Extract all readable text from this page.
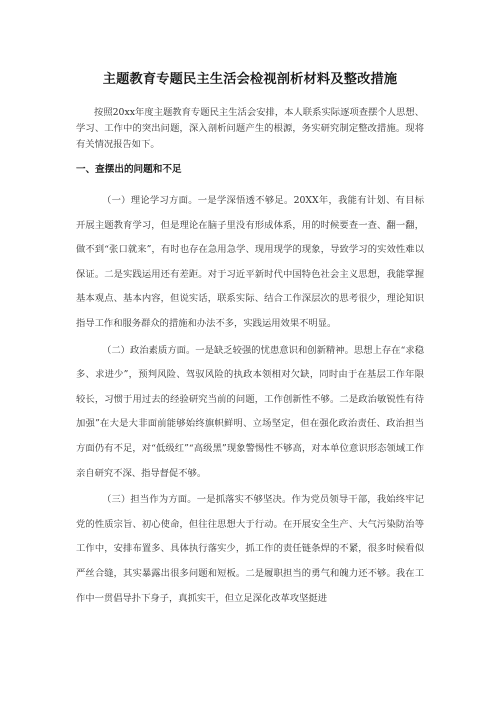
主题教育专题民主生活会检视剖析材料及整改措施

按照20xx年度主题教育专题民主生活会安排，本人联系实际逐项查摆个人思想、学习、工作中的突出问题，深入剖析问题产生的根源，务实研究制定整改措施。现将有关情况报告如下。

一、查摆出的问题和不足

（一）理论学习方面。一是学深悟透不够足。20XX年，我能有计划、有目标开展主题教育学习，但是理论在脑子里没有形成体系，用的时候要查一查、翻一翻，做不到“张口就来”，有时也存在急用急学、现用现学的现象，导致学习的实效性难以保证。二是实践运用还有差距。对于习近平新时代中国特色社会主义思想，我能掌握基本观点、基本内容，但说实话，联系实际、结合工作深层次的思考很少，理论知识指导工作和服务群众的措施和办法不多，实践运用效果不明显。

（二）政治素质方面。一是缺乏较强的忧患意识和创新精神。思想上存在“求稳多、求进少”，预判风险、驾驭风险的执政本领相对欠缺，同时由于在基层工作年限较长，习惯于用过去的经验研究当前的问题，工作创新性不够。二是政治敏锐性有待加强”在大是大非面前能够始终旗帜鲜明、立场坚定，但在强化政治责任、政治担当方面仍有不足，对“低级红”“高级黑”现象警惕性不够高，对本单位意识形态领域工作亲自研究不深、指导督促不够。

（三）担当作为方面。一是抓落实不够坚决。作为党员领导干部，我始终牢记党的性质宗旨、初心使命，但往往思想大于行动。在开展安全生产、大气污染防治等工作中，安排布置多、具体执行落实少，抓工作的责任链条焊的不紧，很多时候看似严丝合缝，其实暴露出很多问题和短板。二是履职担当的勇气和魄力还不够。我在工作中一贯倡导扑下身子，真抓实干，但立足深化改革攻坚挺进
